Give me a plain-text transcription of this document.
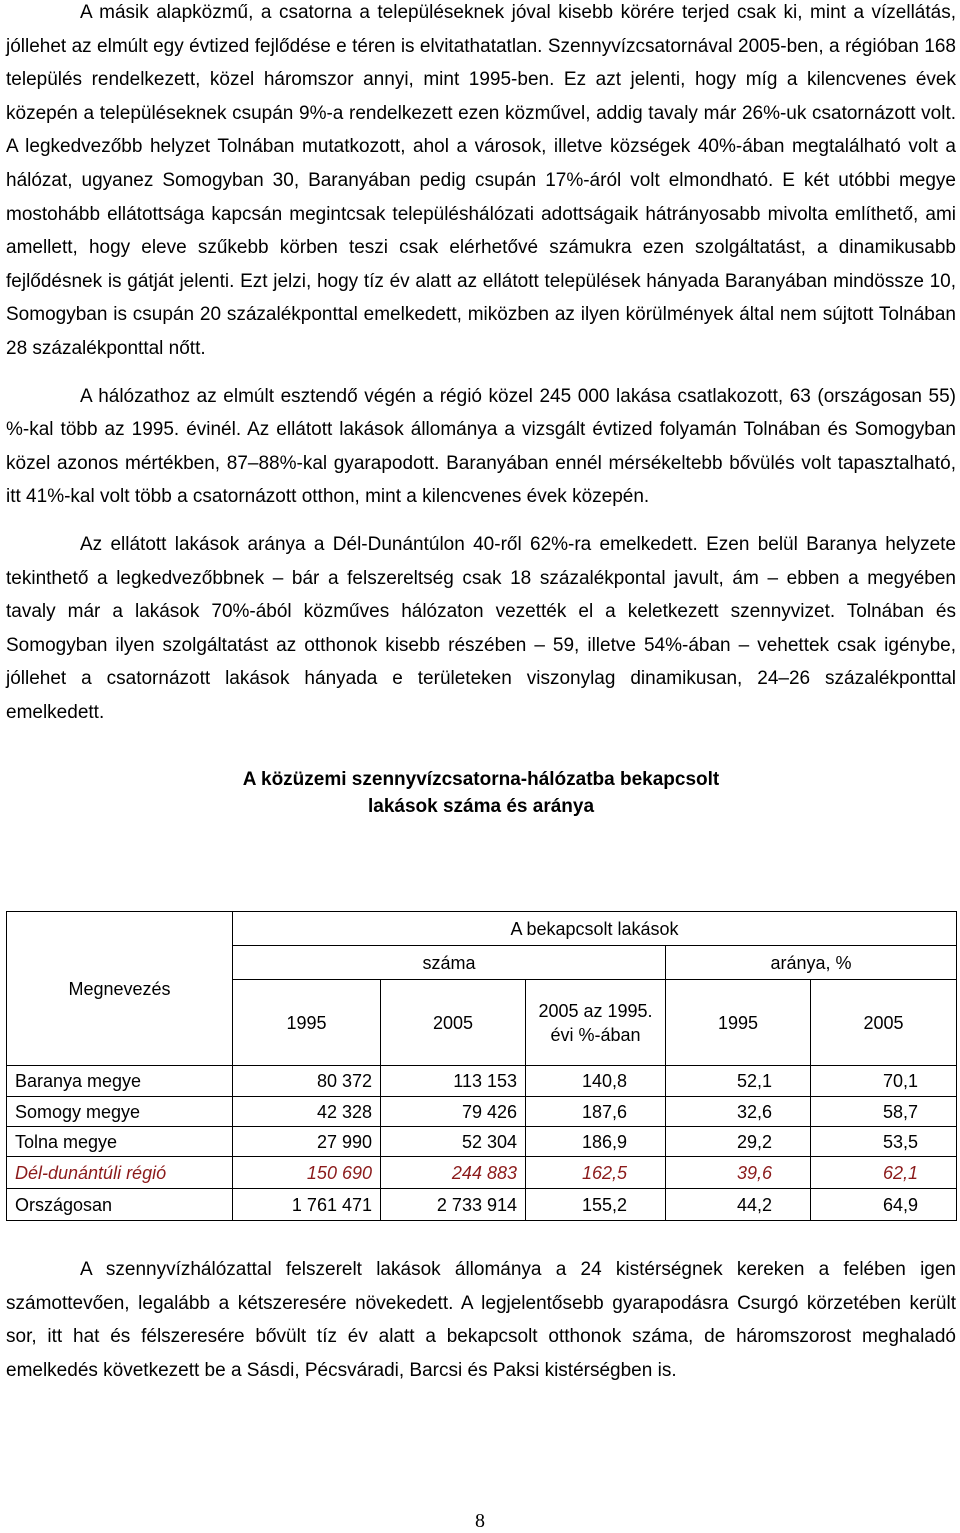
A másik alapközmű, a csatorna a településeknek jóval kisebb körére terjed csak ki, mint a vízellátás, jóllehet az elmúlt egy évtized fejlődése e téren is elvitathatatlan. Szennyvízcsatornával 2005-ben, a régióban 168 település rendelkezett, közel háromszor annyi, mint 1995-ben. Ez azt jelenti, hogy míg a kilencvenes évek közepén a településeknek csupán 9%-a rendelkezett ezen közművel, addig tavaly már 26%-uk csatornázott volt. A legkedvezőbb helyzet Tolnában mutatkozott, ahol a városok, illetve községek 40%-ában megtalálható volt a hálózat, ugyanez Somogyban 30, Baranyában pedig csupán 17%-áról volt elmondható. E két utóbbi megye mostohább ellátottsága kapcsán megintcsak településhálózati adottságaik hátrányosabb mivolta említhető, ami amellett, hogy eleve szűkebb körben teszi csak elérhetővé számukra ezen szolgáltatást, a dinamikusabb fejlődésnek is gátját jelenti. Ezt jelzi, hogy tíz év alatt az ellátott települések hányada Baranyában mindössze 10, Somogyban is csupán 20 százalékponttal emelkedett, miközben az ilyen körülmények által nem sújtott Tolnában 28 százalékponttal nőtt.

A hálózathoz az elmúlt esztendő végén a régió közel 245 000 lakása csatlakozott, 63 (országosan 55) %-kal több az 1995. évinél. Az ellátott lakások állománya a vizsgált évtized folyamán Tolnában és Somogyban közel azonos mértékben, 87–88%-kal gyarapodott. Baranyában ennél mérsékeltebb bővülés volt tapasztalható, itt 41%-kal volt több a csatornázott otthon, mint a kilencvenes évek közepén.

Az ellátott lakások aránya a Dél-Dunántúlon 40-ről 62%-ra emelkedett. Ezen belül Baranya helyzete tekinthető a legkedvezőbbnek – bár a felszereltség csak 18 százalékpontal javult, ám – ebben a megyében tavaly már a lakások 70%-ából közműves hálózaton vezették el a keletkezett szennyvizet. Tolnában és Somogyban ilyen szolgáltatást az otthonok kisebb részében – 59, illetve 54%-ában – vehettek csak igénybe, jóllehet a csatornázott lakások hányada e területeken viszonylag dinamikusan, 24–26 százalékponttal emelkedett.

A közüzemi szennyvízcsatorna-hálózatba bekapcsolt
lakások száma és aránya
Megnevezés	A bekapcsolt lakások				
	száma			aránya, %	
	1995	2005	2005 az 1995. évi %-ában	1995	2005
Baranya megye	80 372	113 153	140,8	52,1	70,1
Somogy megye	42 328	79 426	187,6	32,6	58,7
Tolna megye	27 990	52 304	186,9	29,2	53,5
Dél-dunántúli régió	150 690	244 883	162,5	39,6	62,1
Országosan	1 761 471	2 733 914	155,2	44,2	64,9

A szennyvízhálózattal felszerelt lakások állománya a 24 kistérségnek kereken a felében igen számottevően, legalább a kétszeresére növekedett. A legjelentősebb gyarapodásra Csurgó körzetében került sor, itt hat és félszeresére bővült tíz év alatt a bekapcsolt otthonok száma, de háromszorost meghaladó emelkedés következett be a Sásdi, Pécsváradi, Barcsi és Paksi kistérségben is.

8
